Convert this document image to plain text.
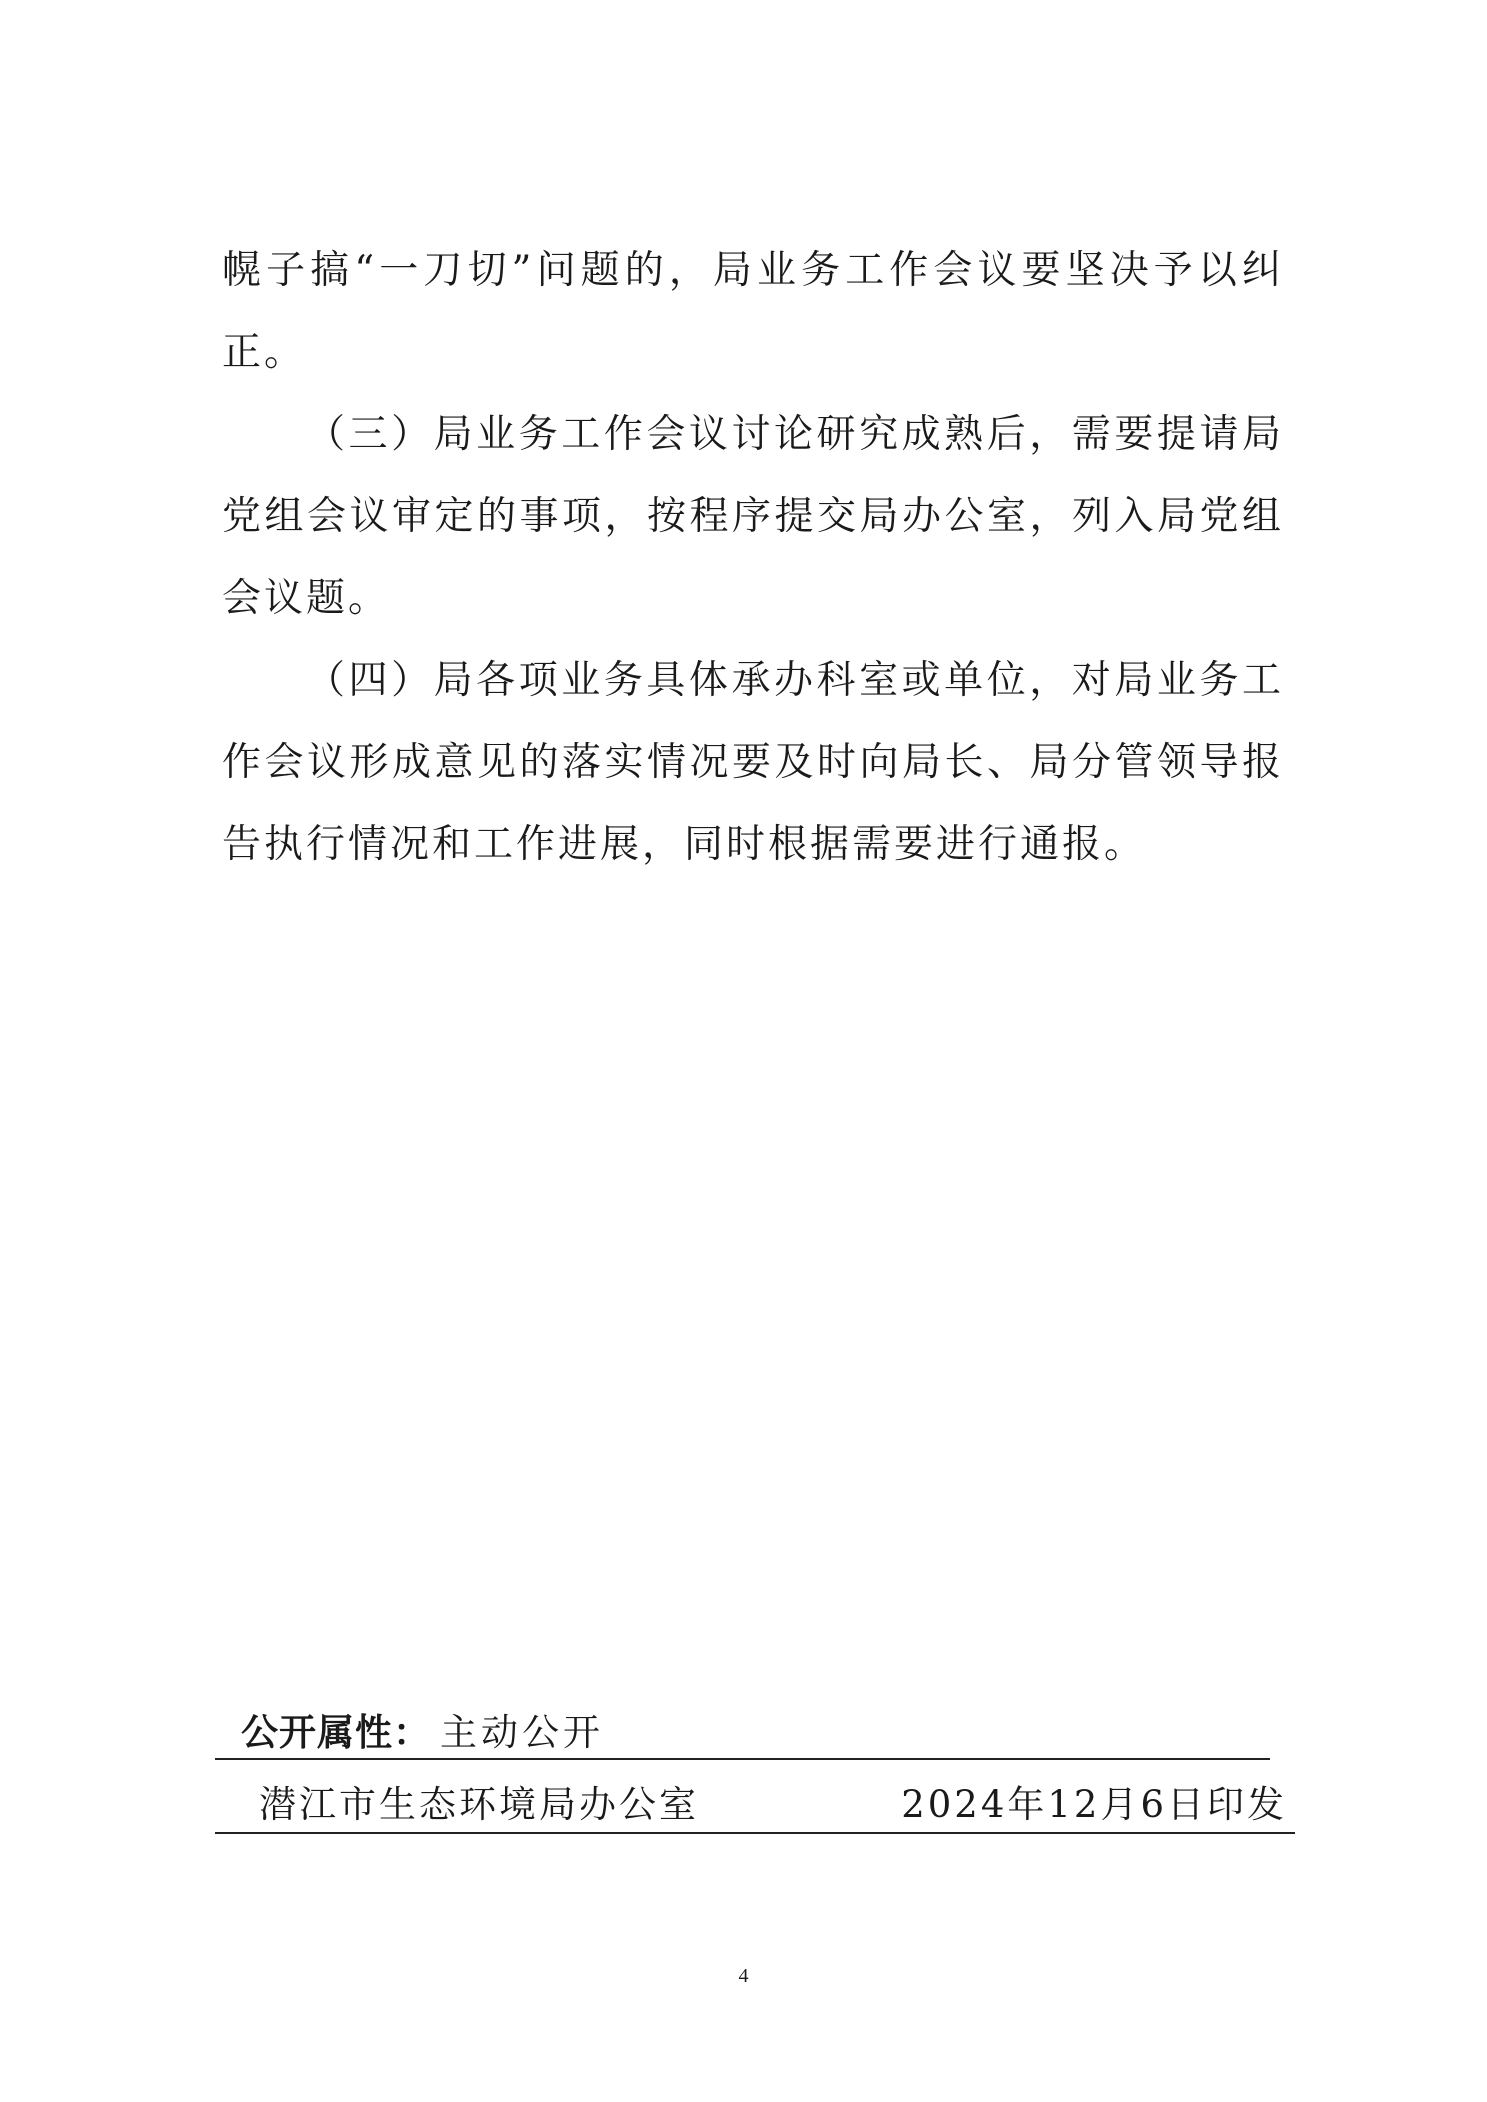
幌子搞“一刀切”问题的，局业务工作会议要坚决予以纠正。

（三）局业务工作会议讨论研究成熟后，需要提请局党组会议审定的事项，按程序提交局办公室，列入局党组会议题。

（四）局各项业务具体承办科室或单位，对局业务工作会议形成意见的落实情况要及时向局长、局分管领导报告执行情况和工作进展，同时根据需要进行通报。

公开属性： 主动公开
潜江市生态环境局办公室	2024年12月6日印发
4
